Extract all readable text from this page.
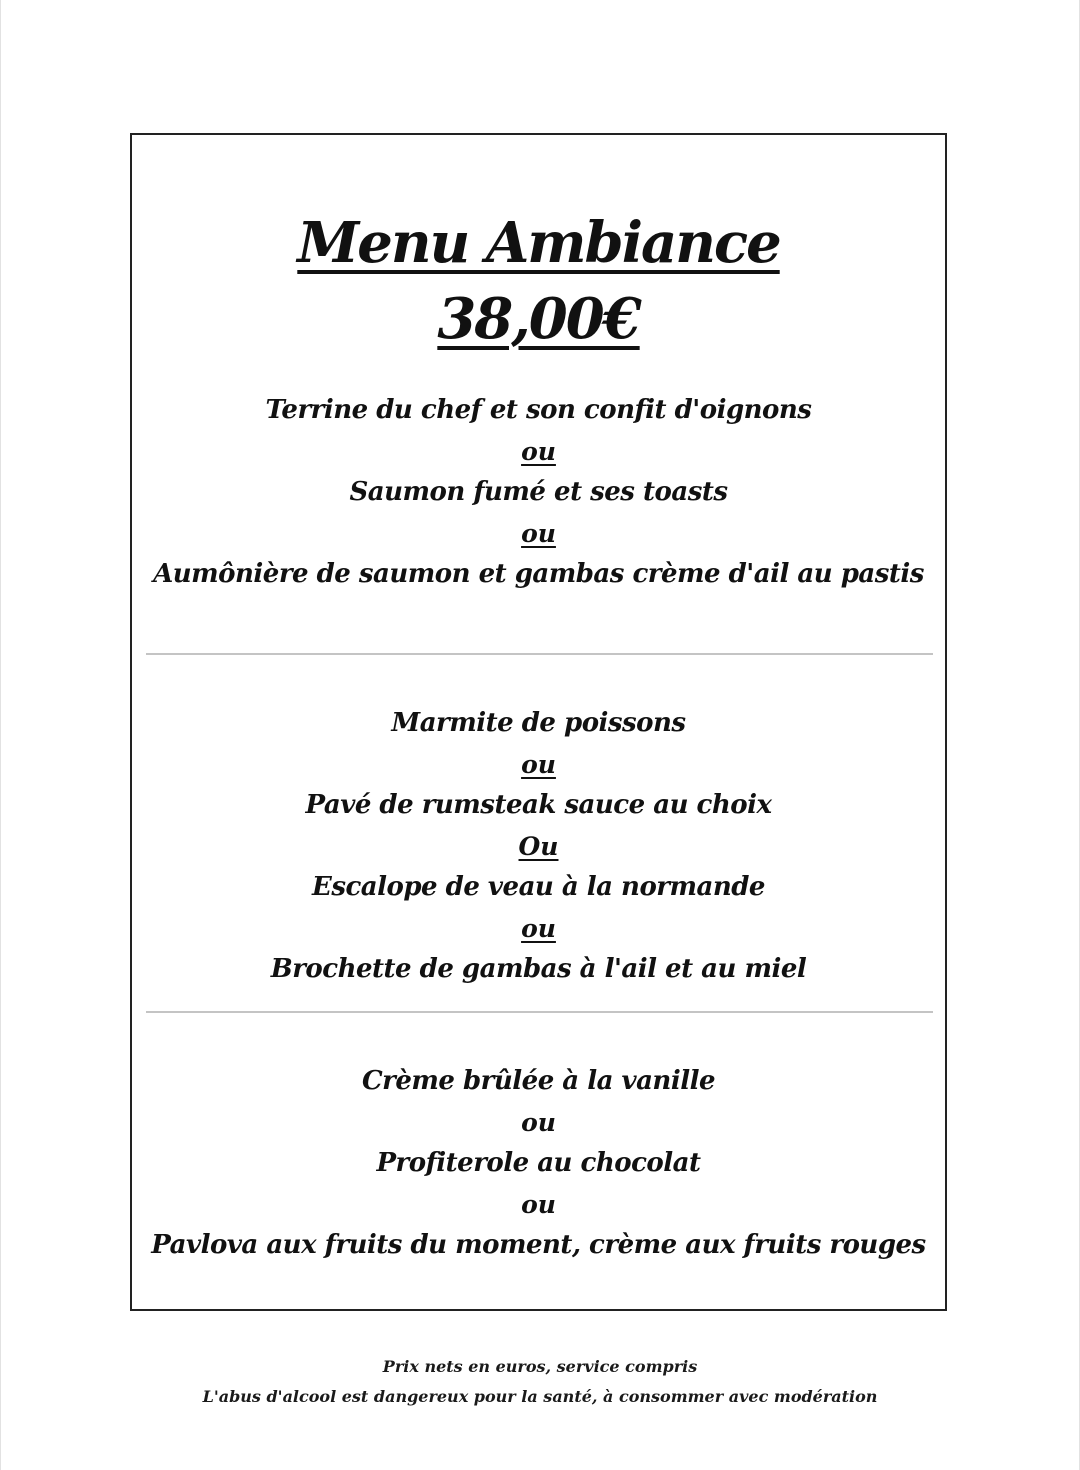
Menu Ambiance
38,00€
Terrine du chef et son confit d'oignons
ou
Saumon fumé et ses toasts
ou
Aumônière de saumon et gambas crème d'ail au pastis
Marmite de poissons
ou
Pavé de rumsteak sauce au choix
Ou
Escalope de veau à la normande
ou
Brochette de gambas à l'ail et au miel
Crème brûlée à la vanille
ou
Profiterole au chocolat
ou
Pavlova aux fruits du moment, crème aux fruits rouges
Prix nets en euros, service compris
L'abus d'alcool est dangereux pour la santé, à consommer avec modération
